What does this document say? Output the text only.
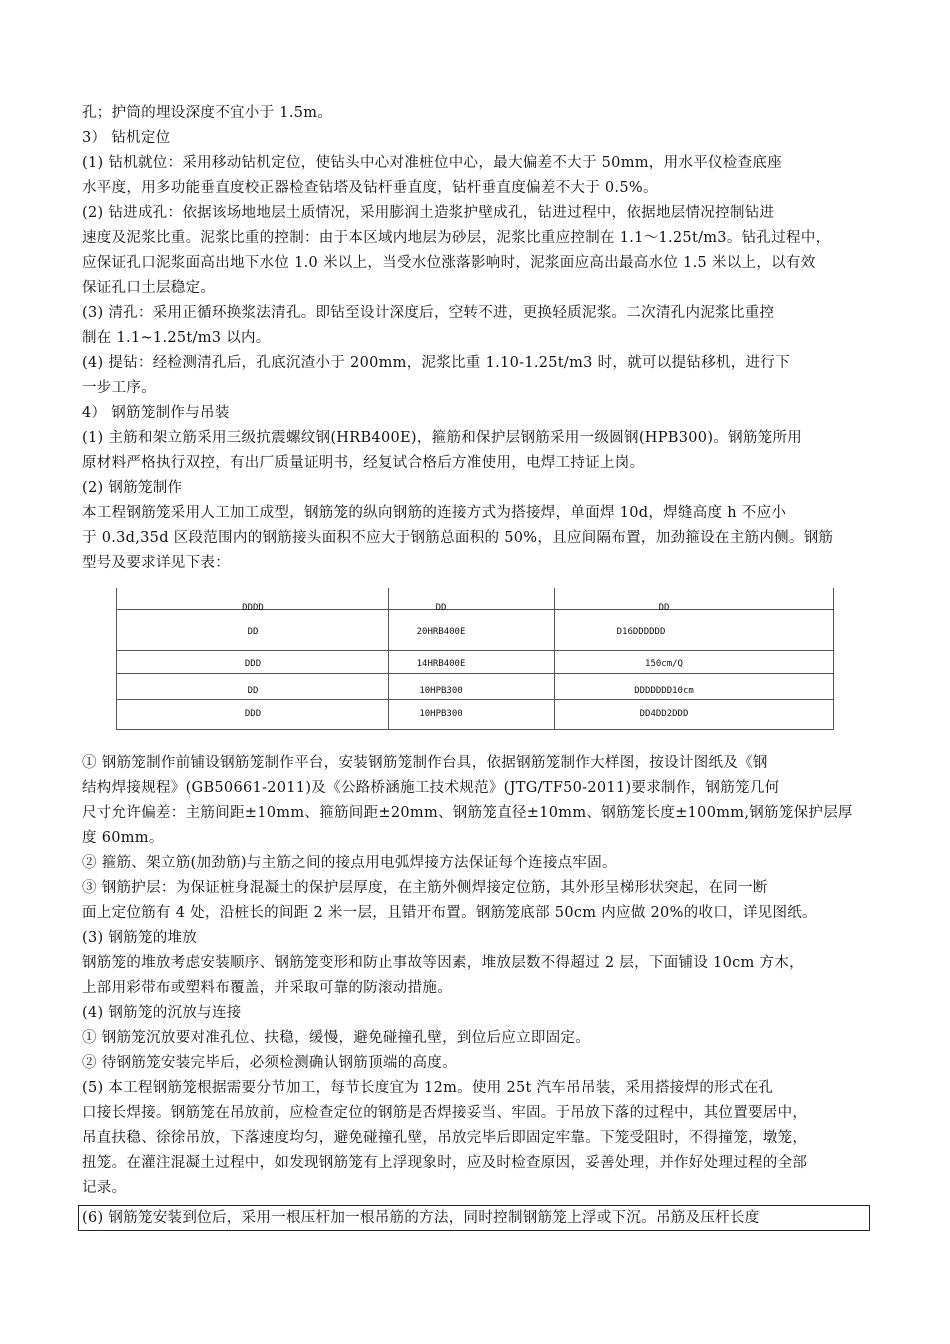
孔；护筒的埋设深度不宜小于 1.5m。
3） 钻机定位
(1) 钻机就位：采用移动钻机定位，使钻头中心对准桩位中心，最大偏差不大于 50mm，用水平仪检查底座
水平度，用多功能垂直度校正器检查钻塔及钻杆垂直度，钻杆垂直度偏差不大于 0.5%。
(2) 钻进成孔：依据该场地地层土质情况，采用膨润土造浆护壁成孔，钻进过程中，依据地层情况控制钻进
速度及泥浆比重。泥浆比重的控制：由于本区域内地层为砂层，泥浆比重应控制在 1.1～1.25t/m3。钻孔过程中，
应保证孔口泥浆面高出地下水位 1.0 米以上，当受水位涨落影响时，泥浆面应高出最高水位 1.5 米以上，以有效
保证孔口土层稳定。
(3) 清孔：采用正循环换浆法清孔。即钻至设计深度后，空转不进，更换轻质泥浆。二次清孔内泥浆比重控
制在 1.1~1.25t/m3 以内。
(4) 提钻：经检测清孔后，孔底沉渣小于 200mm，泥浆比重 1.10-1.25t/m3 时，就可以提钻移机，进行下
一步工序。
4） 钢筋笼制作与吊装
(1) 主筋和架立筋采用三级抗震螺纹钢(HRB400E)，箍筋和保护层钢筋采用一级圆钢(HPB300)。钢筋笼所用
原材料严格执行双控，有出厂质量证明书，经复试合格后方准使用，电焊工持证上岗。
(2) 钢筋笼制作
本工程钢筋笼采用人工加工成型，钢筋笼的纵向钢筋的连接方式为搭接焊，单面焊 10d，焊缝高度 h 不应小
于 0.3d,35d 区段范围内的钢筋接头面积不应大于钢筋总面积的 50%，且应间隔布置，加劲箍设在主筋内侧。钢筋
型号及要求详见下表：
DDDD	DD	DD
DD	20HRB400E	D16DDDDDD
DDD	14HRB400E	150cm/Q
DD	10HPB300	DDDDDDD10cm
DDD	10HPB300	DD4DD2DDD
① 钢筋笼制作前铺设钢筋笼制作平台，安装钢筋笼制作台具，依据钢筋笼制作大样图，按设计图纸及《钢
结构焊接规程》(GB50661-2011)及《公路桥涵施工技术规范》(JTG/TF50-2011)要求制作，钢筋笼几何
尺寸允许偏差：主筋间距±10mm、箍筋间距±20mm、钢筋笼直径±10mm、钢筋笼长度±100mm,钢筋笼保护层厚
度 60mm。
② 箍筋、架立筋(加劲筋)与主筋之间的接点用电弧焊接方法保证每个连接点牢固。
③ 钢筋护层：为保证桩身混凝土的保护层厚度，在主筋外侧焊接定位筋，其外形呈梯形状突起，在同一断
面上定位筋有 4 处，沿桩长的间距 2 米一层，且错开布置。钢筋笼底部 50cm 内应做 20%的收口，详见图纸。
(3) 钢筋笼的堆放
钢筋笼的堆放考虑安装顺序、钢筋笼变形和防止事故等因素，堆放层数不得超过 2 层，下面铺设 10cm 方木，
上部用彩带布或塑料布覆盖，并采取可靠的防滚动措施。
(4) 钢筋笼的沉放与连接
① 钢筋笼沉放要对准孔位、扶稳，缓慢，避免碰撞孔壁，到位后应立即固定。
② 待钢筋笼安装完毕后，必须检测确认钢筋顶端的高度。
(5) 本工程钢筋笼根据需要分节加工，每节长度宜为 12m。使用 25t 汽车吊吊装，采用搭接焊的形式在孔
口接长焊接。钢筋笼在吊放前，应检查定位的钢筋是否焊接妥当、牢固。于吊放下落的过程中，其位置要居中，
吊直扶稳、徐徐吊放，下落速度均匀，避免碰撞孔壁，吊放完毕后即固定牢靠。下笼受阻时，不得撞笼，墩笼，
扭笼。在灌注混凝土过程中，如发现钢筋笼有上浮现象时，应及时检查原因，妥善处理，并作好处理过程的全部
记录。
(6) 钢筋笼安装到位后，采用一根压杆加一根吊筋的方法，同时控制钢筋笼上浮或下沉。吊筋及压杆长度
